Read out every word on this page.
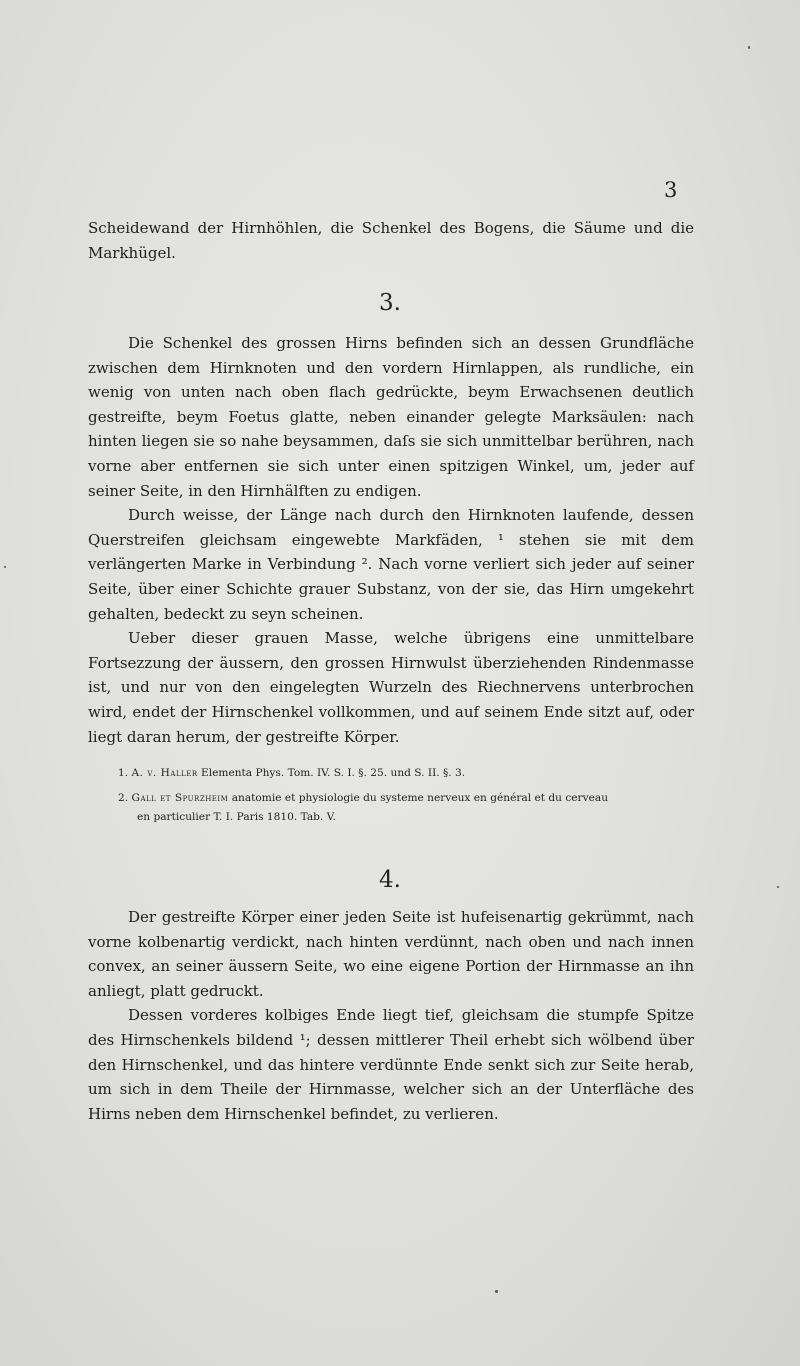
3

Scheidewand der Hirnhöhlen, die Schenkel des Bogens, die Säume und die Markhügel.

3.

Die Schenkel des grossen Hirns befinden sich an dessen Grundfläche zwischen dem Hirnknoten und den vordern Hirnlappen, als rundliche, ein wenig von unten nach oben flach gedrückte, beym Erwachsenen deutlich gestreifte, beym Foetus glatte, neben einander gelegte Marksäulen: nach hinten liegen sie so nahe beysammen, daſs sie sich unmittelbar berühren, nach vorne aber entfernen sie sich unter einen spitzigen Winkel, um, jeder auf seiner Seite, in den Hirnhälften zu endigen.

Durch weisse, der Länge nach durch den Hirnknoten laufende, dessen Querstreifen gleichsam eingewebte Markfäden, ¹ stehen sie mit dem verlängerten Marke in Verbindung ². Nach vorne verliert sich jeder auf seiner Seite, über einer Schichte grauer Substanz, von der sie, das Hirn umgekehrt gehalten, bedeckt zu seyn scheinen.

Ueber dieser grauen Masse, welche übrigens eine unmittelbare Fortsezzung der äussern, den grossen Hirnwulst überziehenden Rindenmasse ist, und nur von den eingelegten Wurzeln des Riechnervens unterbrochen wird, endet der Hirnschenkel vollkommen, und auf seinem Ende sitzt auf, oder liegt daran herum, der gestreifte Körper.

1. A. v. Haller Elementa Phys. Tom. IV. S. I. §. 25. und S. II. §. 3.
2. Gall et Spurzheim anatomie et physiologie du systeme nerveux en général et du cerveau
en particulier T. I. Paris 1810. Tab. V.
4.

Der gestreifte Körper einer jeden Seite ist hufeisenartig gekrümmt, nach vorne kolbenartig verdickt, nach hinten verdünnt, nach oben und nach innen convex, an seiner äussern Seite, wo eine eigene Portion der Hirnmasse an ihn anliegt, platt gedruckt.

Dessen vorderes kolbiges Ende liegt tief, gleichsam die stumpfe Spitze des Hirnschenkels bildend ¹; dessen mittlerer Theil erhebt sich wölbend über den Hirnschenkel, und das hintere verdünnte Ende senkt sich zur Seite herab, um sich in dem Theile der Hirnmasse, welcher sich an der Unterfläche des Hirns neben dem Hirnschenkel befindet, zu verlieren.
